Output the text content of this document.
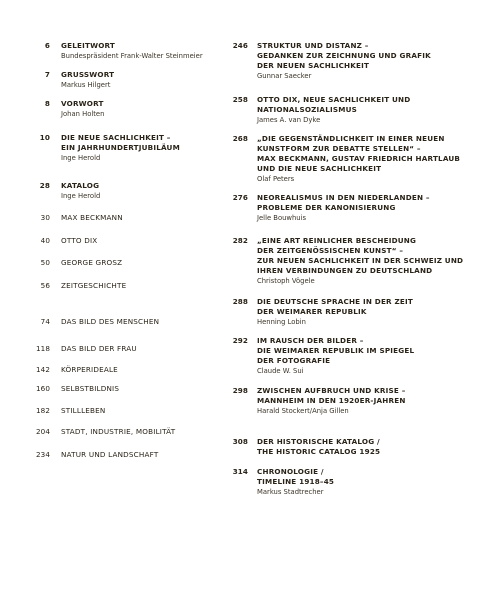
6 GELEITWORT
Bundespräsident Frank-Walter Steinmeier
7 GRUSSWORT
Markus Hilgert
8 VORWORT
Johan Holten
10 DIE NEUE SACHLICHKEIT –
EIN JAHRHUNDERTJUBILÄUM
Inge Herold
28 KATALOG
Inge Herold
30 MAX BECKMANN
40 OTTO DIX
50 GEORGE GROSZ
56 ZEITGESCHICHTE
74 DAS BILD DES MENSCHEN
118 DAS BILD DER FRAU
142 KÖRPERIDEALE
160 SELBSTBILDNIS
182 STILLLEBEN
204 STADT, INDUSTRIE, MOBILITÄT
234 NATUR UND LANDSCHAFT
246 STRUKTUR UND DISTANZ –
GEDANKEN ZUR ZEICHNUNG UND GRAFIK
DER NEUEN SACHLICHKEIT
Gunnar Saecker
258 OTTO DIX, NEUE SACHLICHKEIT UND
NATIONALSOZIALISMUS
James A. van Dyke
268 „DIE GEGENSTÄNDLICHKEIT IN EINER NEUEN
KUNSTFORM ZUR DEBATTE STELLEN“ –
MAX BECKMANN, GUSTAV FRIEDRICH HARTLAUB
UND DIE NEUE SACHLICHKEIT
Olaf Peters
276 NEOREALISMUS IN DEN NIEDERLANDEN –
PROBLEME DER KANONISIERUNG
Jelle Bouwhuis
282 „EINE ART REINLICHER BESCHEIDUNG
DER ZEITGENÖSSISCHEN KUNST“ –
ZUR NEUEN SACHLICHKEIT IN DER SCHWEIZ UND
IHREN VERBINDUNGEN ZU DEUTSCHLAND
Christoph Vögele
288 DIE DEUTSCHE SPRACHE IN DER ZEIT
DER WEIMARER REPUBLIK
Henning Lobin
292 IM RAUSCH DER BILDER –
DIE WEIMARER REPUBLIK IM SPIEGEL
DER FOTOGRAFIE
Claude W. Sui
298 ZWISCHEN AUFBRUCH UND KRISE –
MANNHEIM IN DEN 1920ER-JAHREN
Harald Stockert/Anja Gillen
308 DER HISTORISCHE KATALOG /
THE HISTORIC CATALOG 1925
314 CHRONOLOGIE /
TIMELINE 1918–45
Markus Stadtrecher
